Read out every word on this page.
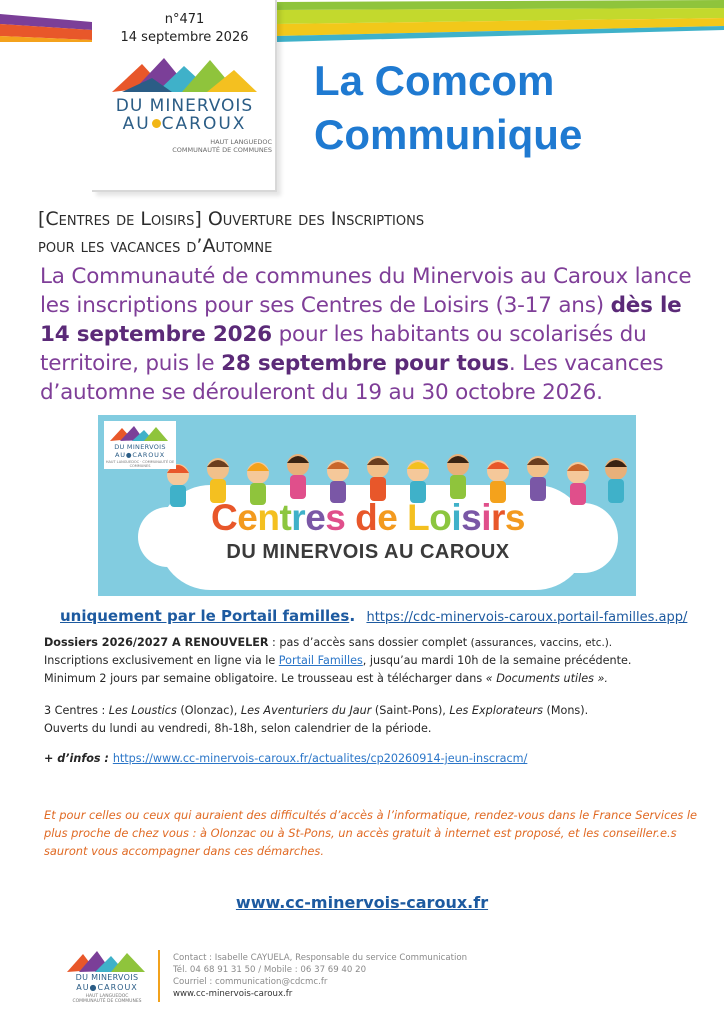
n°471
14 septembre 2026
DU MINERVOIS
AU CAROUX
HAUT LANGUEDOC
COMMUNAUTÉ DE COMMUNES
La Comcom
Communique
[Centres de Loisirs] Ouverture des Inscriptions
pour les vacances d’Automne
La Communauté de communes du Minervois au Caroux lance les inscriptions pour ses Centres de Loisirs (3-17 ans) dès le 14 septembre 2026 pour les habitants ou scolarisés du territoire, puis le 28 septembre pour tous. Les vacances d’automne se dérouleront du 19 au 30 octobre 2026.
DU MINERVOIS
AU●CAROUX
HAUT LANGUEDOC · COMMUNAUTÉ DE COMMUNES
Centres de Loisirs
DU MINERVOIS AU CAROUX
uniquement par le Portail familles. https://cdc-minervois-caroux.portail-familles.app/
Dossiers 2026/2027 A RENOUVELER : pas d’accès sans dossier complet (assurances, vaccins, etc.).
Inscriptions exclusivement en ligne via le Portail Familles, jusqu’au mardi 10h de la semaine précédente.
Minimum 2 jours par semaine obligatoire. Le trousseau est à télécharger dans « Documents utiles ».
3 Centres : Les Loustics (Olonzac), Les Aventuriers du Jaur (Saint-Pons), Les Explorateurs (Mons).
Ouverts du lundi au vendredi, 8h-18h, selon calendrier de la période.
+ d’infos : https://www.cc-minervois-caroux.fr/actualites/cp20260914-jeun-inscracm/
Et pour celles ou ceux qui auraient des difficultés d’accès à l’informatique, rendez-vous dans le France Services le plus proche de chez vous : à Olonzac ou à St-Pons, un accès gratuit à internet est proposé, et les conseiller.e.s sauront vous accompagner dans ces démarches.
www.cc-minervois-caroux.fr
DU MINERVOIS
AU●CAROUX
HAUT LANGUEDOC
COMMUNAUTÉ DE COMMUNES
Contact : Isabelle CAYUELA, Responsable du service Communication
Tél. 04 68 91 31 50 / Mobile : 06 37 69 40 20
Courriel : communication@cdcmc.fr
www.cc-minervois-caroux.fr
